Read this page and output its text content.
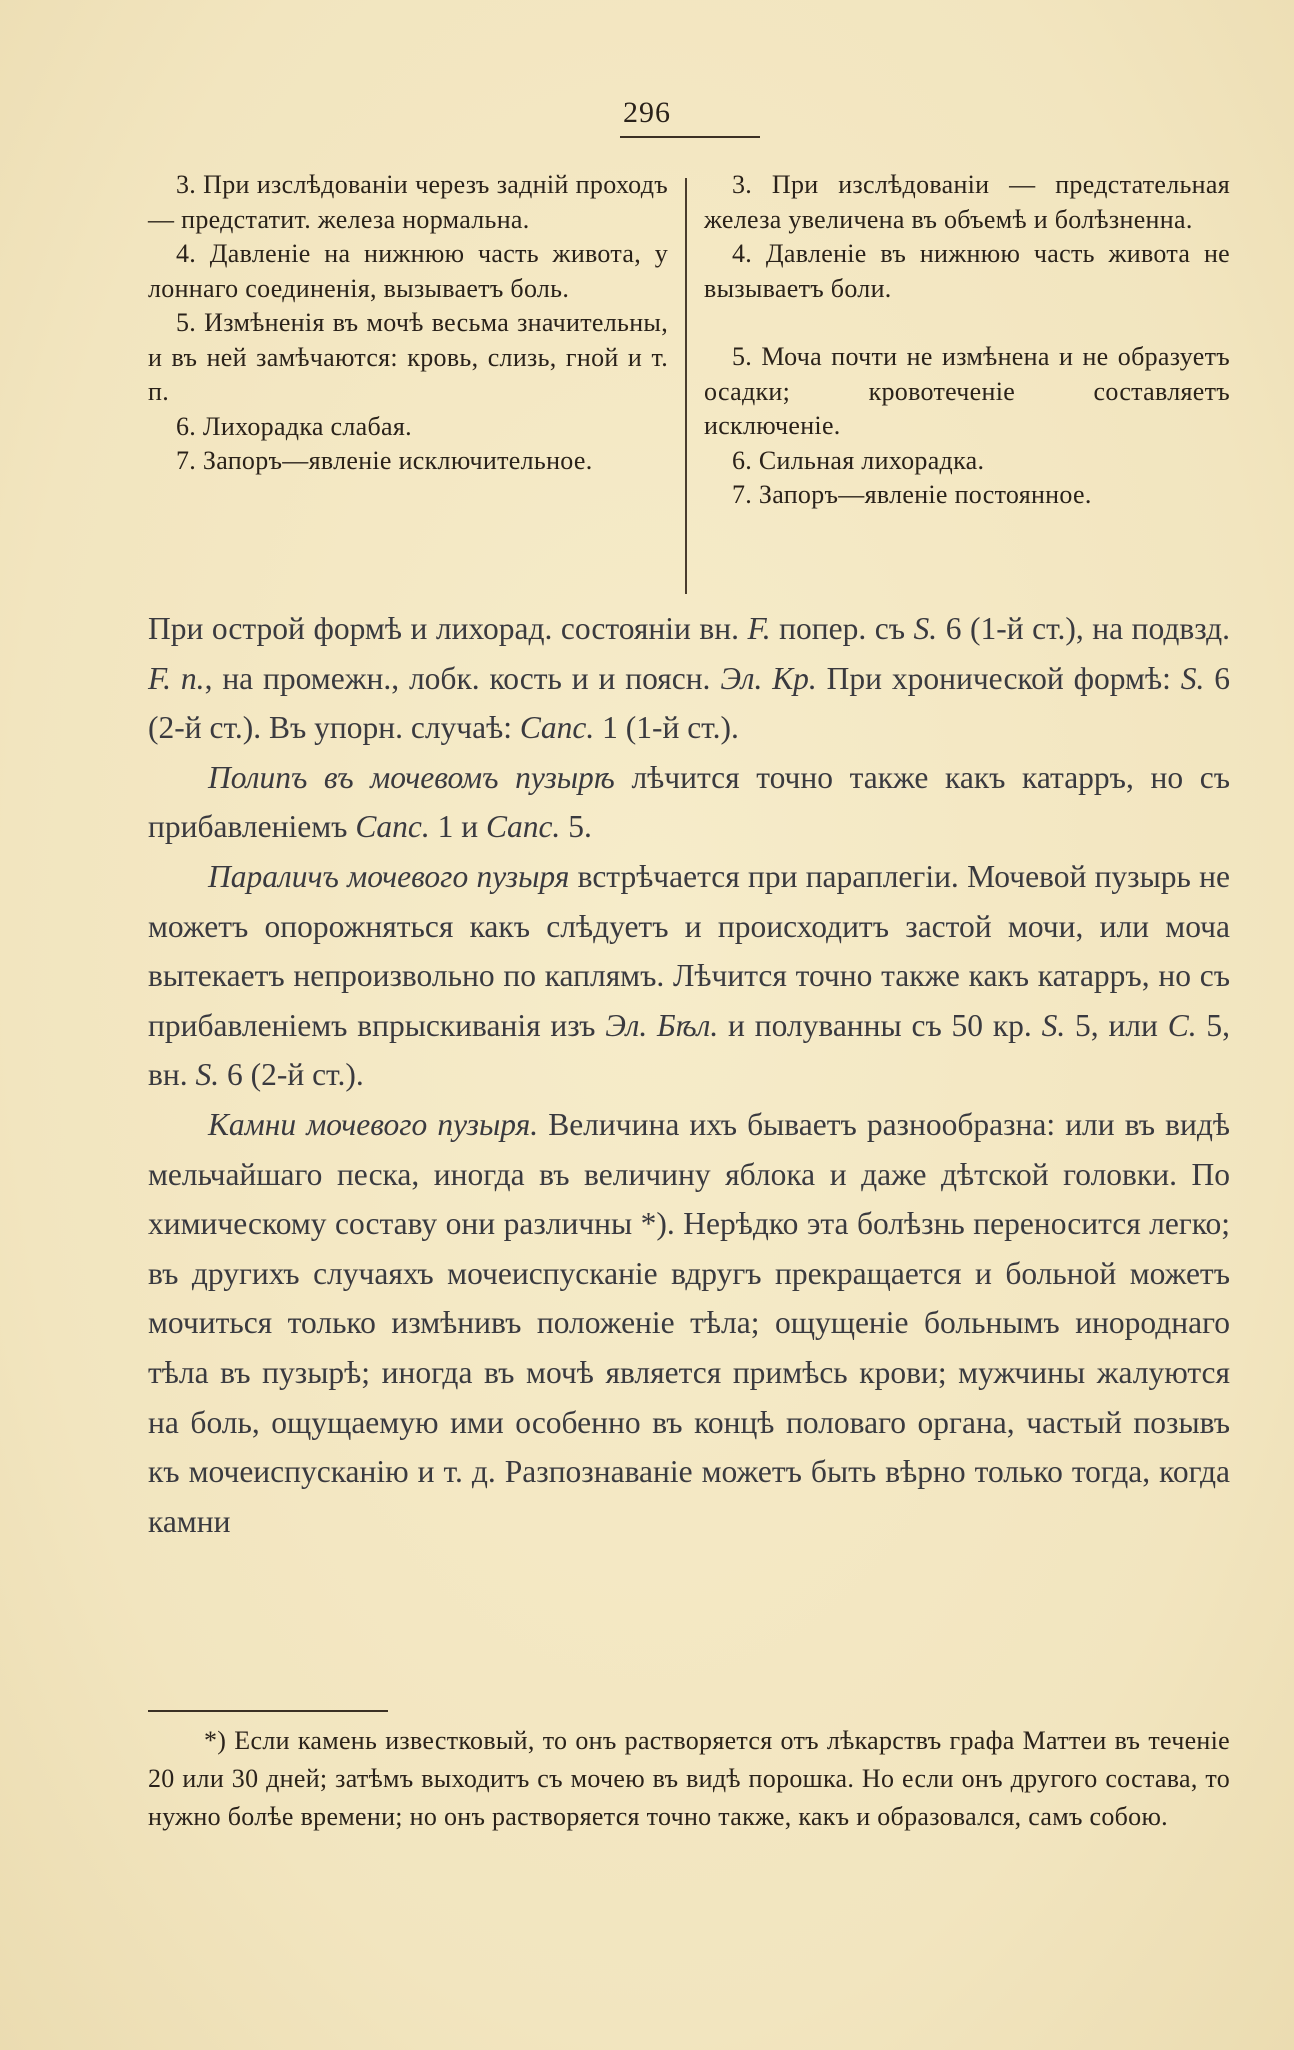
296

3. При изслѣдованіи черезъ задній проходъ — предстатит. железа нормальна.

4. Давленіе на нижнюю часть живота, у лоннаго соединенія, вызываетъ боль.

5. Измѣненія въ мочѣ весьма значительны, и въ ней замѣчаются: кровь, слизь, гной и т. п.

6. Лихорадка слабая.

7. Запоръ—явленіе исключительное.

3. При изслѣдованіи — предстательная железа увеличена въ объемѣ и болѣзненна.

4. Давленіе въ нижнюю часть живота не вызываетъ боли.

5. Моча почти не измѣнена и не образуетъ осадки; кровотеченіе составляетъ исключеніе.

6. Сильная лихорадка.

7. Запоръ—явленіе постоянное.

При острой формѣ и лихорад. состояніи вн. F. попер. съ S. 6 (1-й ст.), на подвзд. F. п., на промежн., лобк. кость и и поясн. Эл. Кр. При хронической формѣ: S. 6 (2-й ст.). Въ упорн. случаѣ: Canc. 1 (1-й ст.).

Полипъ въ мочевомъ пузырѣ лѣчится точно также какъ катарръ, но съ прибавленіемъ Canc. 1 и Canc. 5.

Параличъ мочевого пузыря встрѣчается при параплегіи. Мочевой пузырь не можетъ опорожняться какъ слѣдуетъ и происходитъ застой мочи, или моча вытекаетъ непроизвольно по каплямъ. Лѣчится точно также какъ катарръ, но съ прибавленіемъ впрыскиванія изъ Эл. Бѣл. и полуванны съ 50 кр. S. 5, или C. 5, вн. S. 6 (2-й ст.).

Камни мочевого пузыря. Величина ихъ бываетъ разнообразна: или въ видѣ мельчайшаго песка, иногда въ величину яблока и даже дѣтской головки. По химическому составу они различны *). Нерѣдко эта болѣзнь переносится легко; въ другихъ случаяхъ мочеиспусканіе вдругъ прекращается и больной можетъ мочиться только измѣнивъ положеніе тѣла; ощущеніе больнымъ инороднаго тѣла въ пузырѣ; иногда въ мочѣ является примѣсь крови; мужчины жалуются на боль, ощущаемую ими особенно въ концѣ половаго органа, частый позывъ къ мочеиспусканію и т. д. Разпознаваніе можетъ быть вѣрно только тогда, когда камни

*) Если камень известковый, то онъ растворяется отъ лѣкарствъ графа Маттеи въ теченіе 20 или 30 дней; затѣмъ выходитъ съ мочею въ видѣ порошка. Но если онъ другого состава, то нужно болѣе времени; но онъ растворяется точно также, какъ и образовался, самъ собою.
